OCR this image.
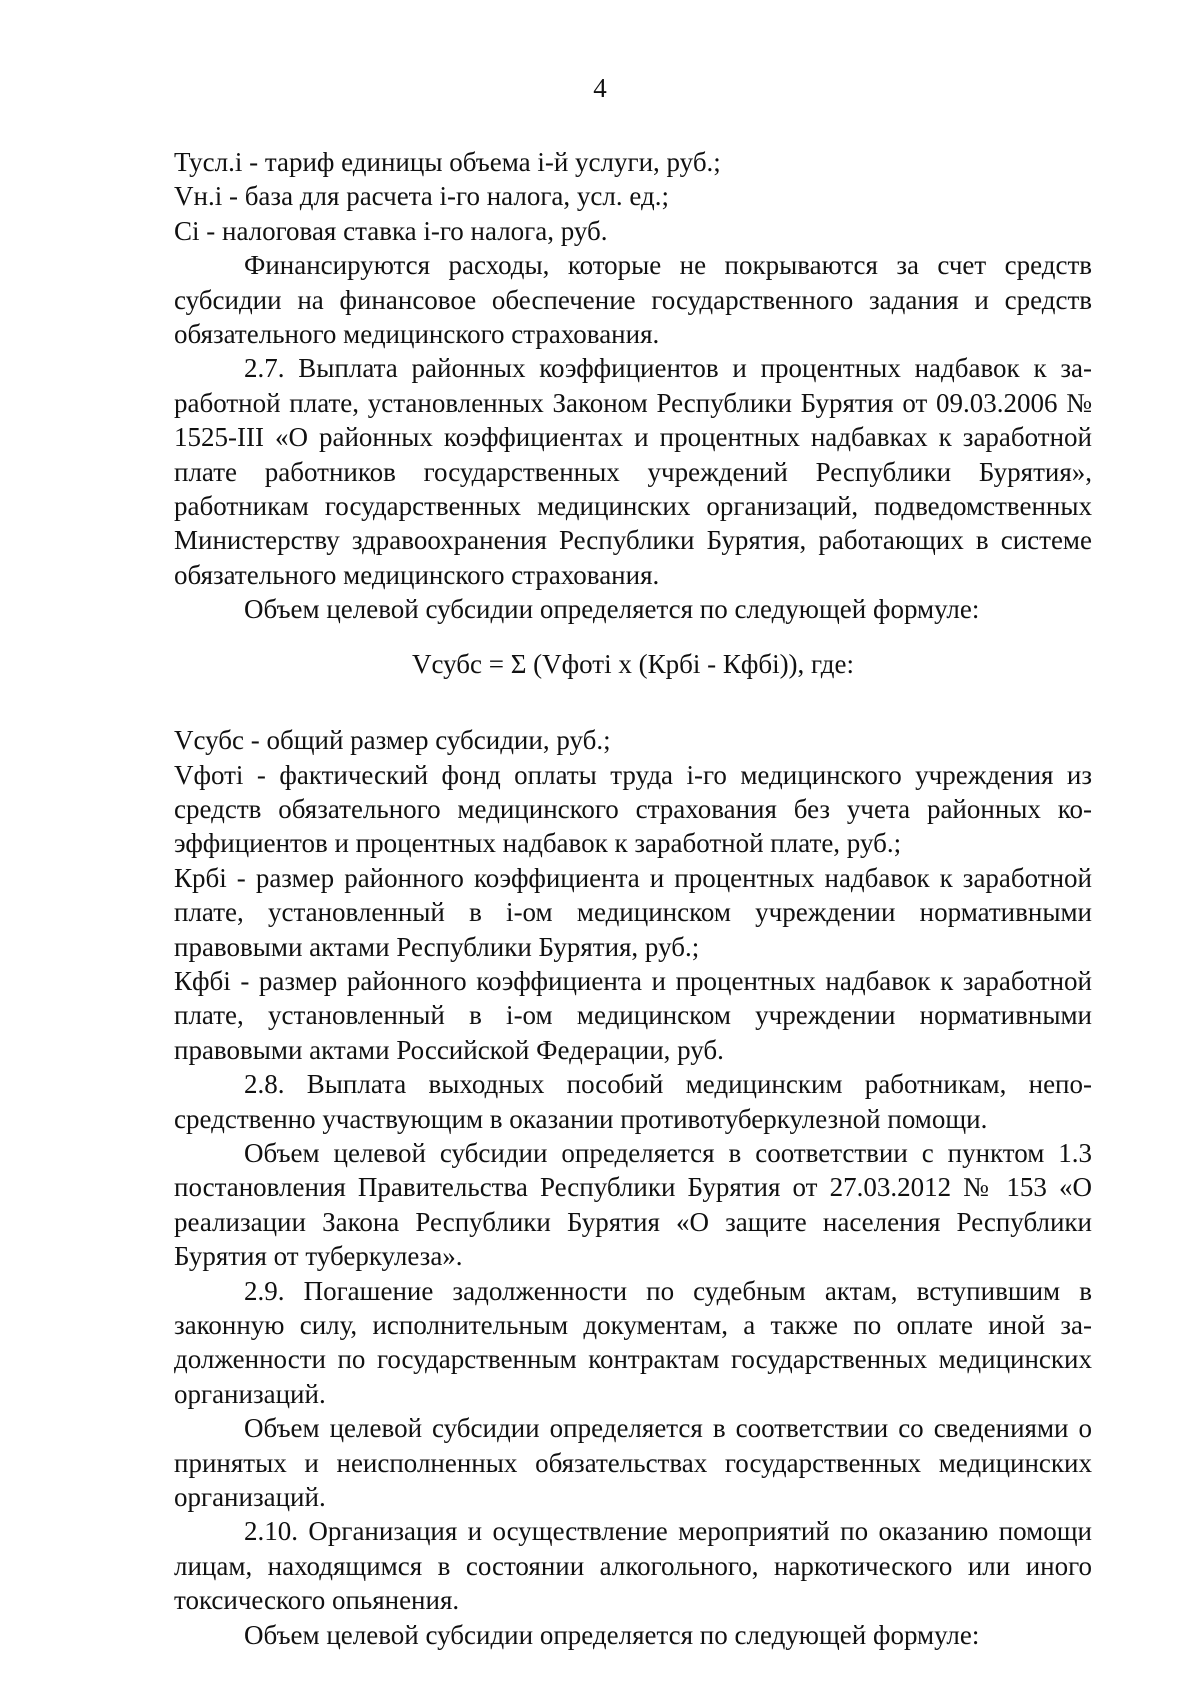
4

Тусл.i - тариф единицы объема i-й услуги, руб.;

Vн.i - база для расчета i-го налога, усл. ед.;

Ci - налоговая ставка i-го налога, руб.

Финансируются расходы, которые не покрываются за счет средств субсидии на финансовое обеспечение государственного задания и средств обязательного медицинского страхования.

2.7. Выплата районных коэффициентов и процентных надбавок к заработной плате, установленных Законом Республики Бурятия от 09.03.2006 № 1525-III «О районных коэффициентах и процентных надбавках к заработной плате работников государственных учреждений Республики Бурятия», работникам государственных медицинских организаций, подведомственных Министерству здравоохранения Республики Бурятия, работающих в системе обязательного медицинского страхования.

Объем целевой субсидии определяется по следующей формуле:

Vсубс = Σ (Vфотi x (Крбi - Кфбi)), где:

Vсубс - общий размер субсидии, руб.;

Vфотi - фактический фонд оплаты труда i-го медицинского учреждения из средств обязательного медицинского страхования без учета районных коэффициентов и процентных надбавок к заработной плате, руб.;

Крбi - размер районного коэффициента и процентных надбавок к заработной плате, установленный в i-ом медицинском учреждении нормативными правовыми актами Республики Бурятия, руб.;

Кфбi - размер районного коэффициента и процентных надбавок к заработной плате, установленный в i-ом медицинском учреждении нормативными правовыми актами Российской Федерации, руб.

2.8. Выплата выходных пособий медицинским работникам, непосредственно участвующим в оказании противотуберкулезной помощи.

Объем целевой субсидии определяется в соответствии с пунктом 1.3 постановления Правительства Республики Бурятия от 27.03.2012 № 153 «О реализации Закона Республики Бурятия «О защите населения Республики Бурятия от туберкулеза».

2.9. Погашение задолженности по судебным актам, вступившим в законную силу, исполнительным документам, а также по оплате иной задолженности по государственным контрактам государственных медицинских организаций.

Объем целевой субсидии определяется в соответствии со сведениями о принятых и неисполненных обязательствах государственных медицинских организаций.

2.10. Организация и осуществление мероприятий по оказанию помощи лицам, находящимся в состоянии алкогольного, наркотического или иного токсического опьянения.

Объем целевой субсидии определяется по следующей формуле:
